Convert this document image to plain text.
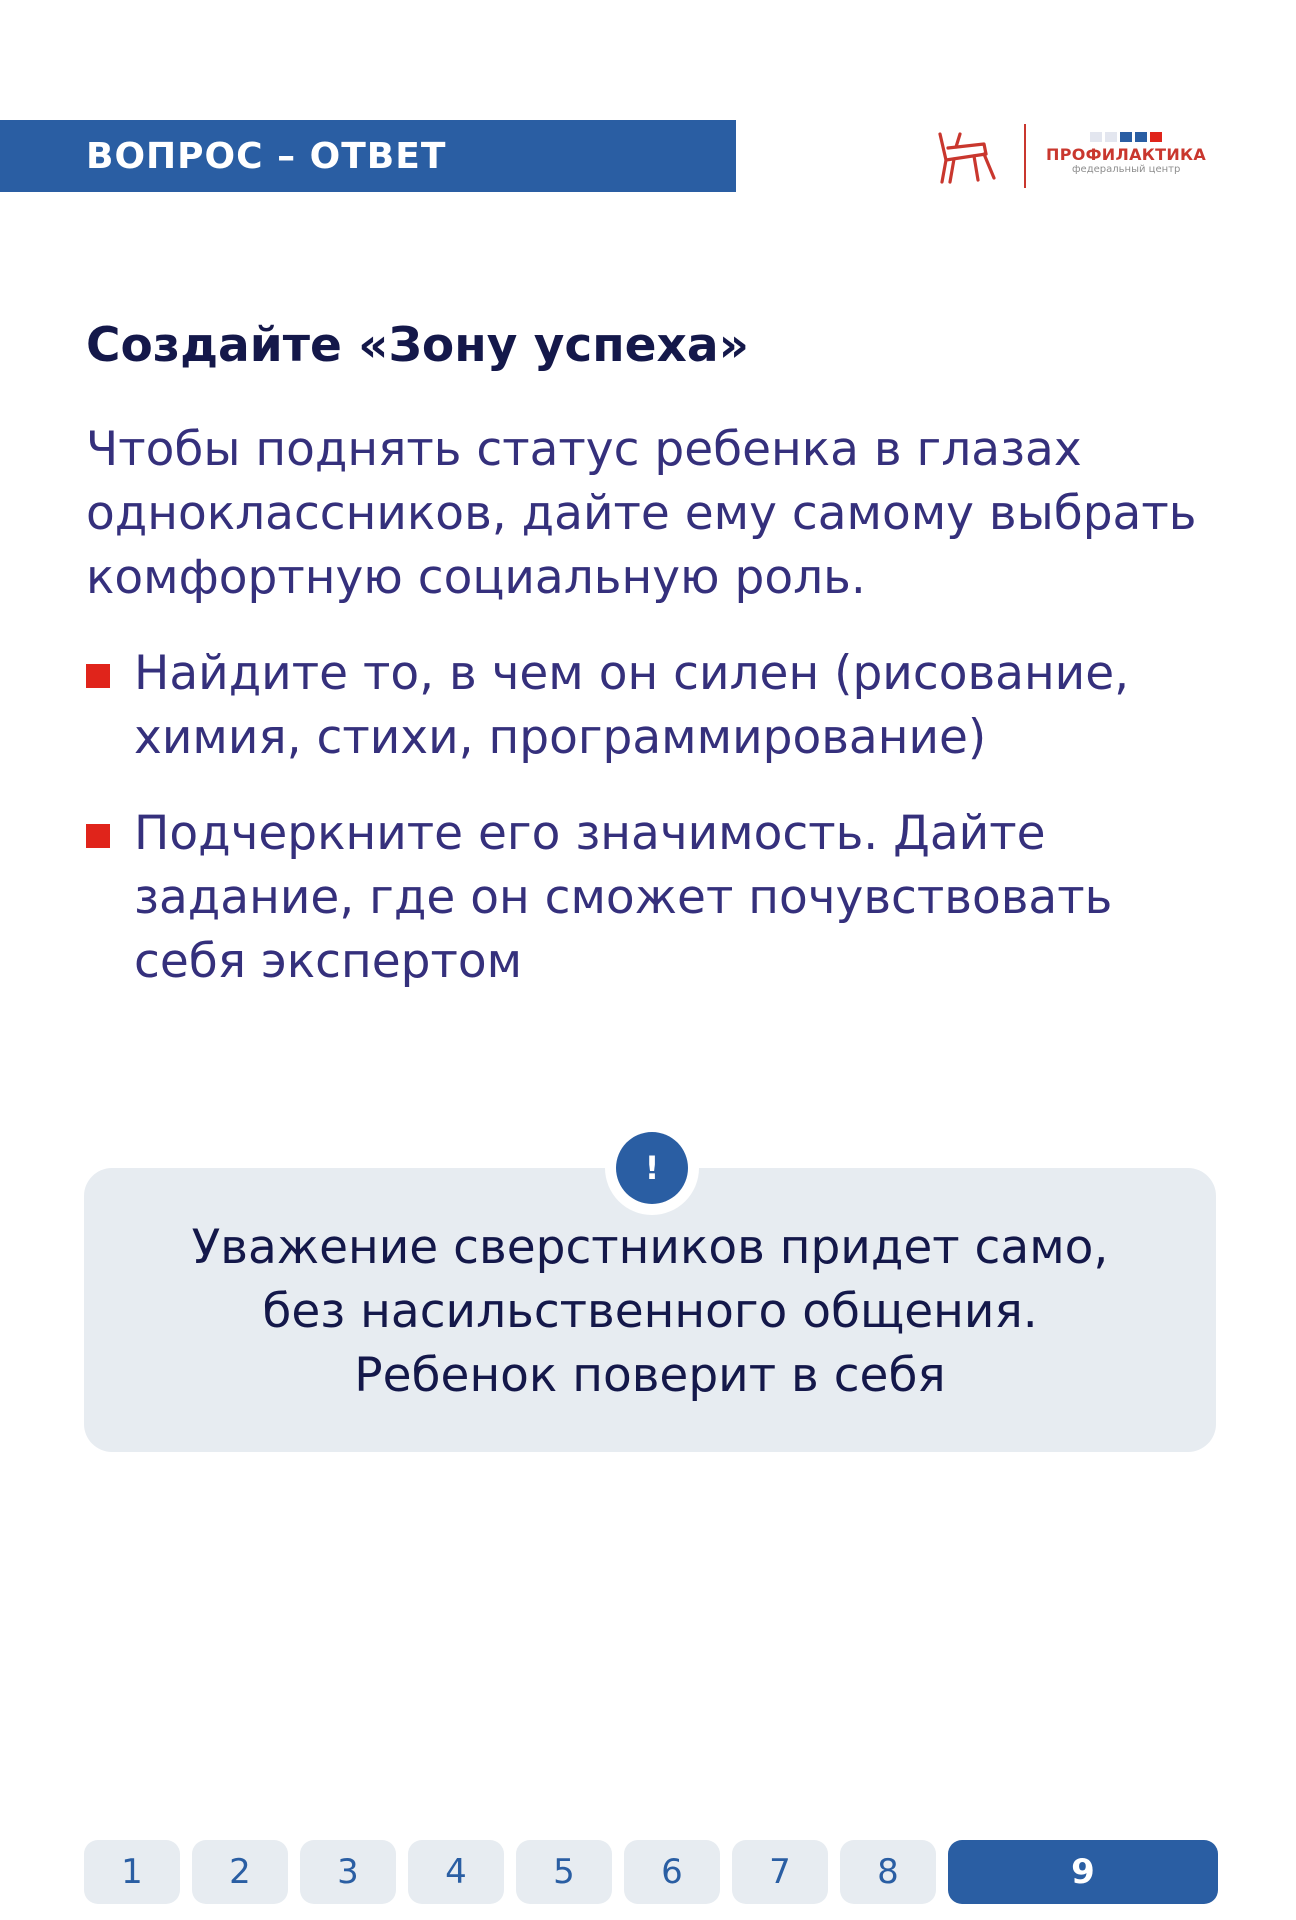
ВОПРОС – ОТВЕТ	ПРОФИЛАКТИКА
федеральный центр
Создайте «Зону успеха»

Чтобы поднять статус ребенка в глазах одноклассников, дайте ему самому выбрать комфортную социальную роль.

Найдите то, в чем он силен (рисование, химия, стихи, программирование)
Подчеркните его значимость. Дайте задание, где он сможет почувствовать себя экспертом
!
Уважение сверстников придет само,
без насильственного общения.
Ребенок поверит в себя
1	2	3	4	5	6	7	8	9
